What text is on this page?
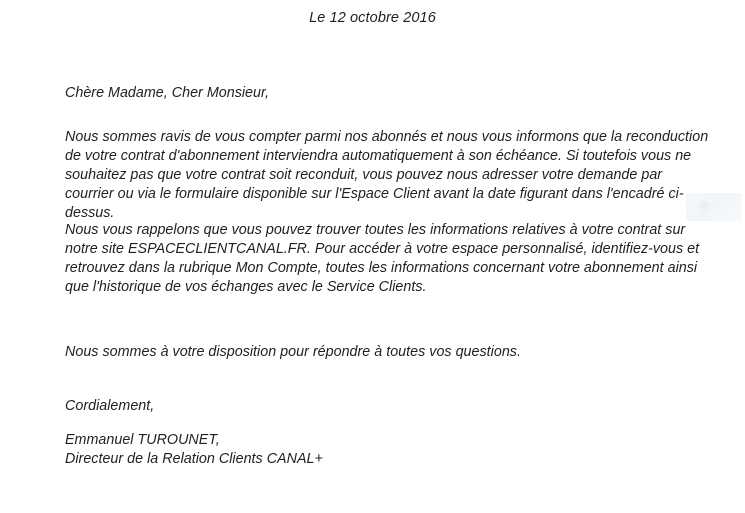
Le 12 octobre 2016

Chère Madame, Cher Monsieur,

Nous sommes ravis de vous compter parmi nos abonnés et nous vous informons que la reconduction de votre contrat d'abonnement interviendra automatiquement à son échéance. Si toutefois vous ne souhaitez pas que votre contrat soit reconduit, vous pouvez nous adresser votre demande par courrier ou via le formulaire disponible sur l'Espace Client avant la date figurant dans l'encadré ci-dessus.

Nous vous rappelons que vous pouvez trouver toutes les informations relatives à votre contrat sur notre site ESPACECLIENTCANAL.FR. Pour accéder à votre espace personnalisé, identifiez-vous et retrouvez dans la rubrique Mon Compte, toutes les informations concernant votre abonnement ainsi que l'historique de vos échanges avec le Service Clients.

Nous sommes à votre disposition pour répondre à toutes vos questions.

Cordialement,

Emmanuel TUROUNET,

Directeur de la Relation Clients CANAL+
